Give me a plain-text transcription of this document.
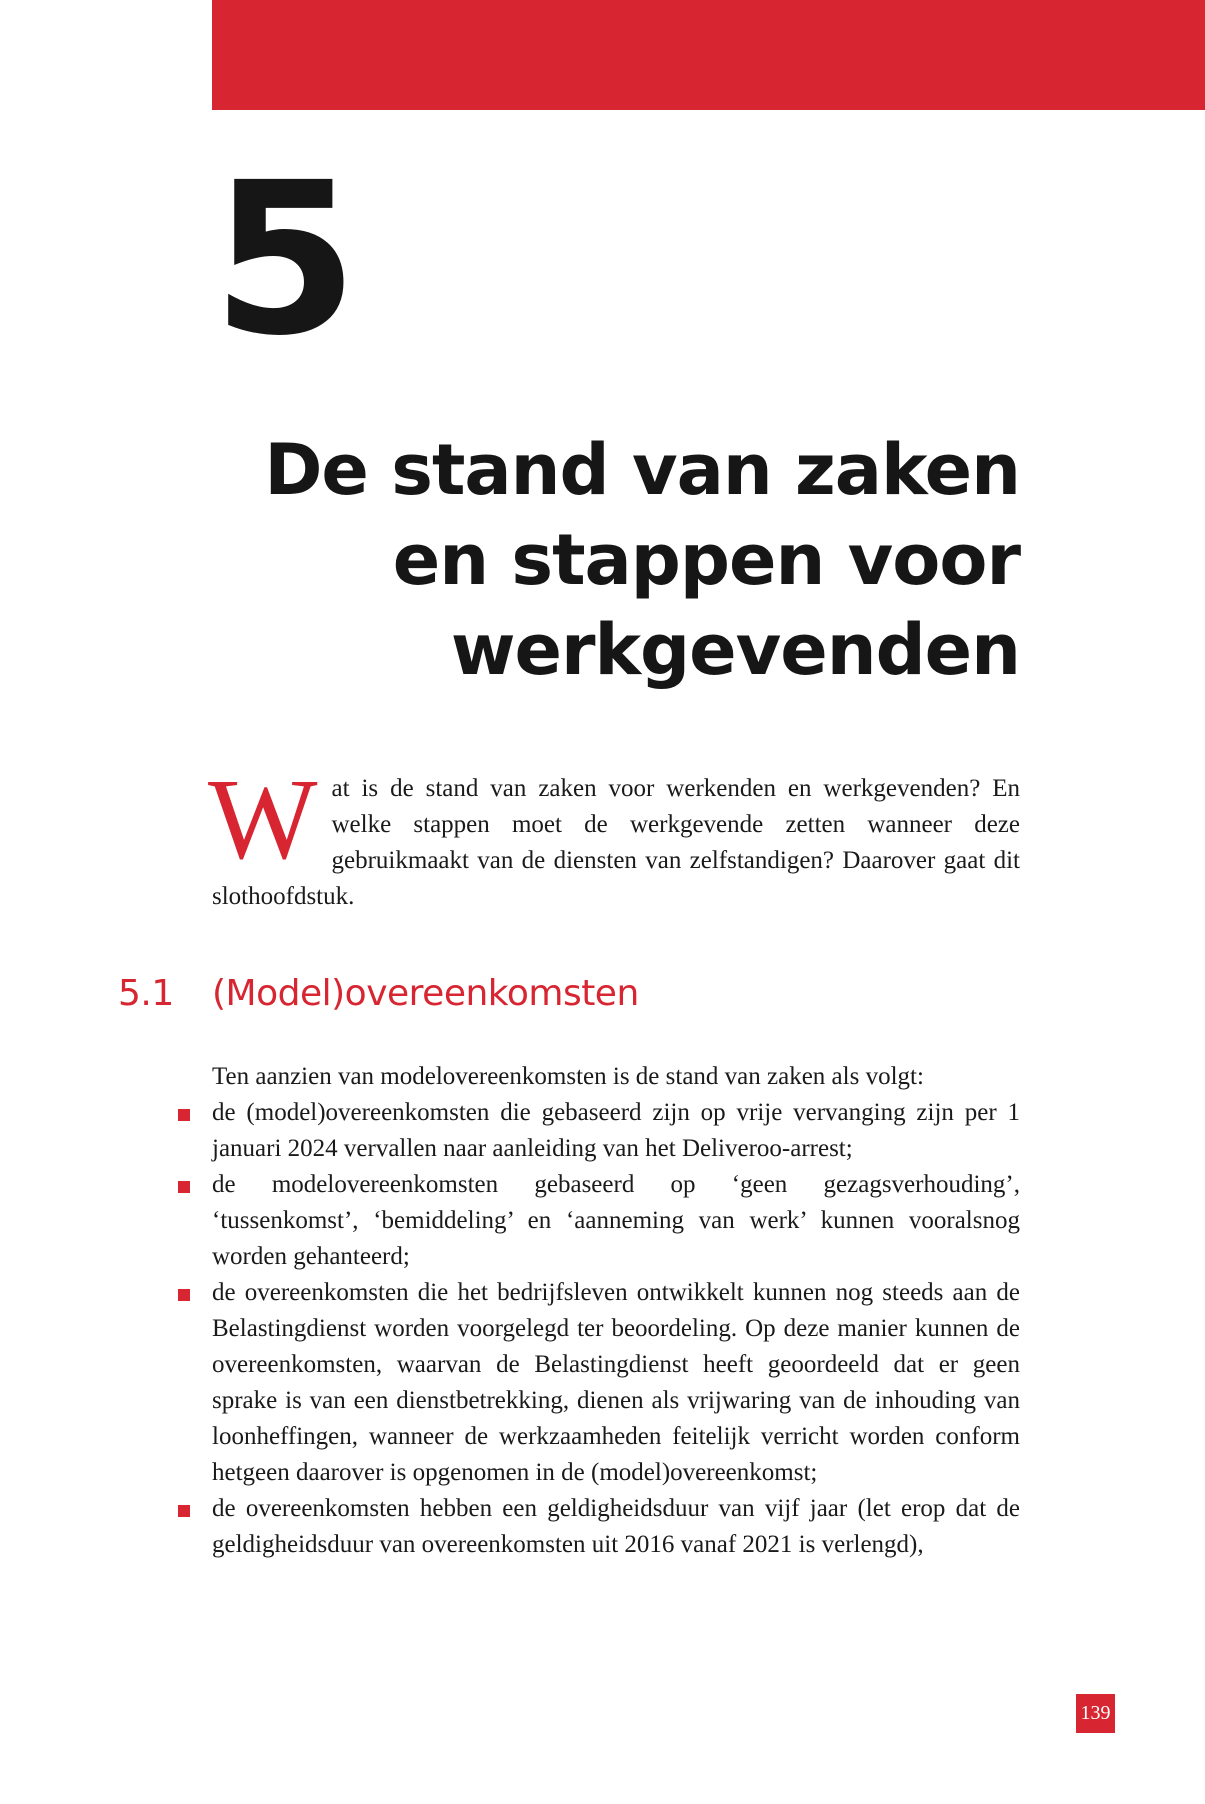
5
De stand van zaken
en stappen voor
werkgevenden

Wat is de stand van zaken voor werkenden en werkgevenden? En welke stappen moet de werkgevende zetten wanneer deze gebruikmaakt van de diensten van zelfstandigen? Daarover gaat dit slothoofdstuk.

5.1 (Model)overeenkomsten

Ten aanzien van modelovereenkomsten is de stand van zaken als volgt:

de (model)overeenkomsten die gebaseerd zijn op vrije vervanging zijn per 1 januari 2024 vervallen naar aanleiding van het Deliveroo-arrest;
de modelovereenkomsten gebaseerd op ‘geen gezagsverhouding’, ‘tussenkomst’, ‘bemiddeling’ en ‘aanneming van werk’ kunnen vooralsnog worden gehanteerd;
de overeenkomsten die het bedrijfsleven ontwikkelt kunnen nog steeds aan de Belastingdienst worden voorgelegd ter beoordeling. Op deze manier kunnen de overeenkomsten, waarvan de Belastingdienst heeft geoordeeld dat er geen sprake is van een dienstbetrekking, dienen als vrijwaring van de inhouding van loonheffingen, wanneer de werkzaamheden feitelijk verricht worden conform hetgeen daarover is opgenomen in de (model)overeenkomst;
de overeenkomsten hebben een geldigheidsduur van vijf jaar (let erop dat de geldigheidsduur van overeenkomsten uit 2016 vanaf 2021 is verlengd),
139
